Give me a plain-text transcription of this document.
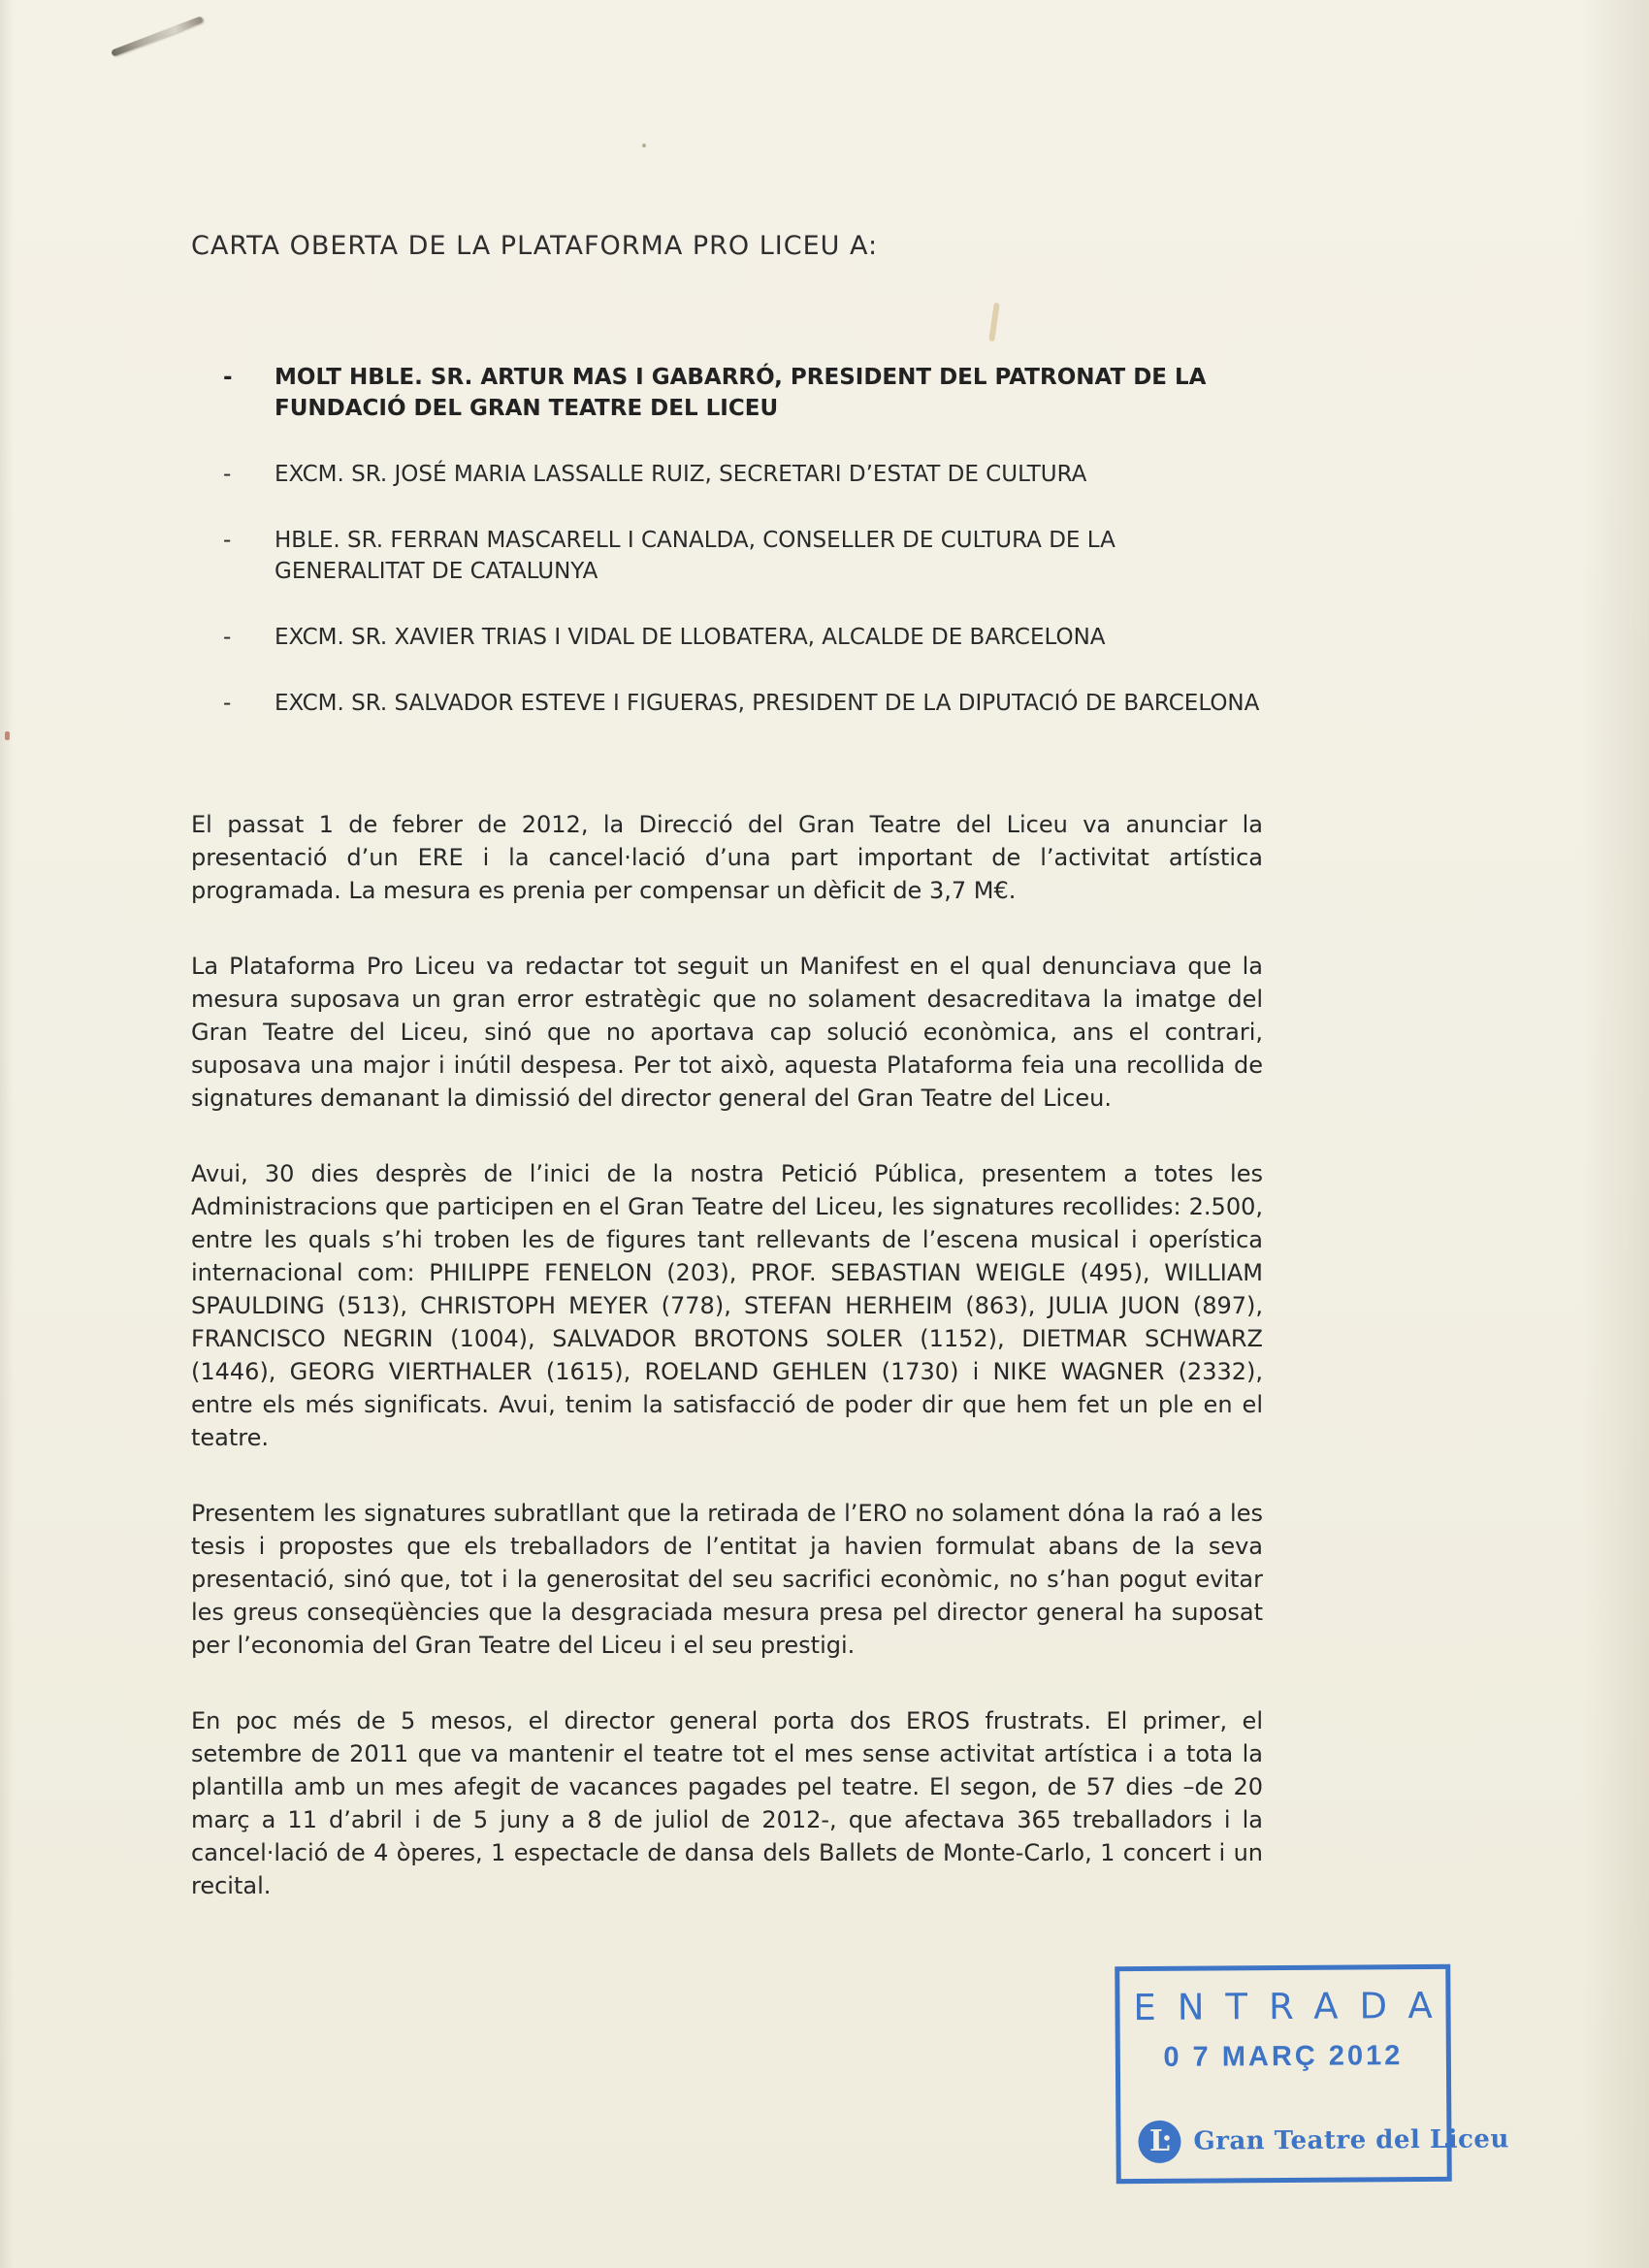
CARTA OBERTA DE LA PLATAFORMA PRO LICEU A:
-	MOLT HBLE. SR. ARTUR MAS I GABARRÓ, PRESIDENT DEL PATRONAT DE LA FUNDACIÓ DEL GRAN TEATRE DEL LICEU
-	EXCM. SR. JOSÉ MARIA LASSALLE RUIZ, SECRETARI D’ESTAT DE CULTURA
-	HBLE. SR. FERRAN MASCARELL I CANALDA, CONSELLER DE CULTURA DE LA GENERALITAT DE CATALUNYA
-	EXCM. SR. XAVIER TRIAS I VIDAL DE LLOBATERA, ALCALDE DE BARCELONA
-	EXCM. SR. SALVADOR ESTEVE I FIGUERAS, PRESIDENT DE LA DIPUTACIÓ DE BARCELONA

El passat 1 de febrer de 2012, la Direcció del Gran Teatre del Liceu va anunciar la presentació d’un ERE i la cancel·lació d’una part important de l’activitat artística programada. La mesura es prenia per compensar un dèficit de 3,7 M€.

La Plataforma Pro Liceu va redactar tot seguit un Manifest en el qual denunciava que la mesura suposava un gran error estratègic que no solament desacreditava la imatge del Gran Teatre del Liceu, sinó que no aportava cap solució econòmica, ans el contrari, suposava una major i inútil despesa. Per tot això, aquesta Plataforma feia una recollida de signatures demanant la dimissió del director general del Gran Teatre del Liceu.

Avui, 30 dies desprès de l’inici de la nostra Petició Pública, presentem a totes les Administracions que participen en el Gran Teatre del Liceu, les signatures recollides: 2.500, entre les quals s’hi troben les de figures tant rellevants de l’escena musical i operística internacional com: PHILIPPE FENELON (203), PROF. SEBASTIAN WEIGLE (495), WILLIAM SPAULDING (513), CHRISTOPH MEYER (778), STEFAN HERHEIM (863), JULIA JUON (897), FRANCISCO NEGRIN (1004), SALVADOR BROTONS SOLER (1152), DIETMAR SCHWARZ (1446), GEORG VIERTHALER (1615), ROELAND GEHLEN (1730) i NIKE WAGNER (2332), entre els més significats. Avui, tenim la satisfacció de poder dir que hem fet un ple en el teatre.

Presentem les signatures subratllant que la retirada de l’ERO no solament dóna la raó a les tesis i propostes que els treballadors de l’entitat ja havien formulat abans de la seva presentació, sinó que, tot i la generositat del seu sacrifici econòmic, no s’han pogut evitar les greus conseqüències que la desgraciada mesura presa pel director general ha suposat per l’economia del Gran Teatre del Liceu i el seu prestigi.

En poc més de 5 mesos, el director general porta dos EROS frustrats. El primer, el setembre de 2011 que va mantenir el teatre tot el mes sense activitat artística i a tota la plantilla amb un mes afegit de vacances pagades pel teatre. El segon, de 57 dies –de 20 març a 11 d’abril i de 5 juny a 8 de juliol de 2012-, que afectava 365 treballadors i la cancel·lació de 4 òperes, 1 espectacle de dansa dels Ballets de Monte-Carlo, 1 concert i un recital.

ENTRADA
0 7 MARÇ 2012
Ŀ Gran Teatre del Liceu
